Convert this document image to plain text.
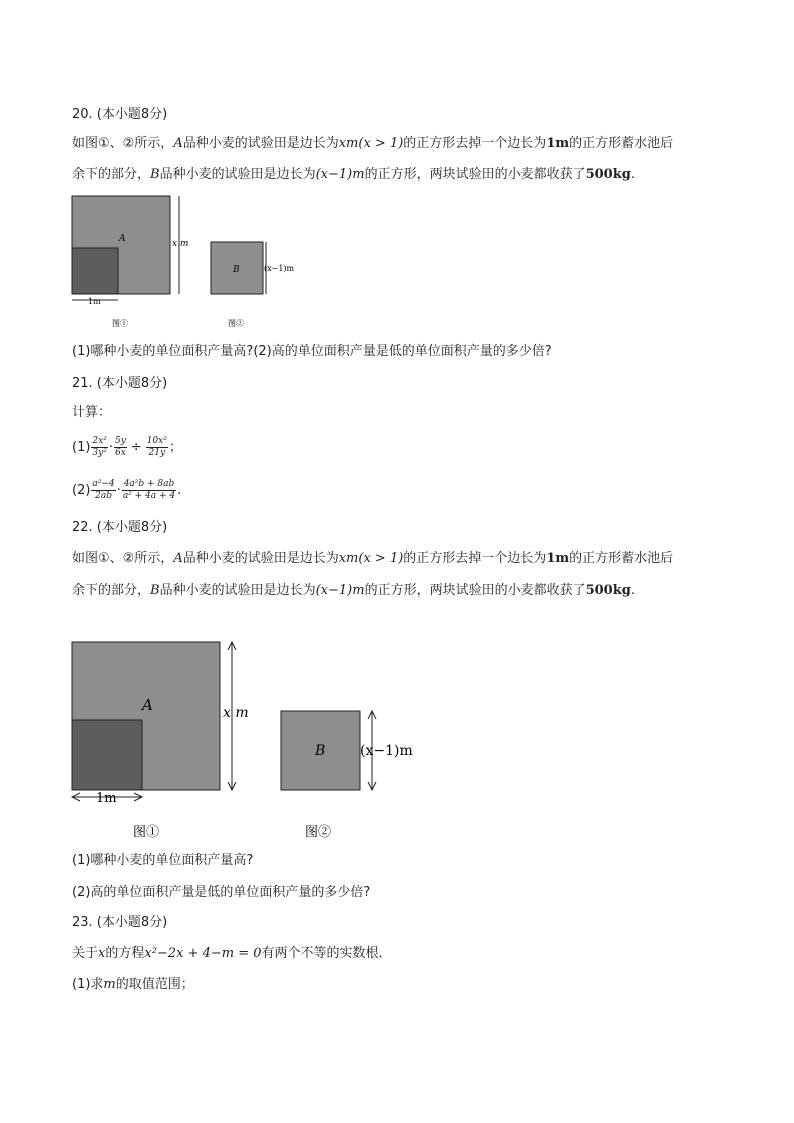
20. (本小题8分)
如图①、②所示，A品种小麦的试验田是边长为xm(x > 1)的正方形去掉一个边长为1m的正方形蓄水池后
余下的部分，B品种小麦的试验田是边长为(x−1)m的正方形，两块试验田的小麦都收获了500kg.
A	x m
1m
B	(x−1)m
图①	图②
(1)哪种小麦的单位面积产量高?(2)高的单位面积产量是低的单位面积产量的多少倍?
21. (本小题8分)
计算：
$(1) \frac{\text{2x²}}{\text{3y²}} \cdot \frac{5y}{6x} \div \frac{\text{10x²}}{21y}$ ；
$(2) \frac{\text{a²−4}}{2ab} \cdot \frac{\text{4a²b + 8ab}}{\text{a² + 4a + 4}}$ .
22. (本小题8分)
如图①、②所示，A品种小麦的试验田是边长为xm(x > 1)的正方形去掉一个边长为1m的正方形蓄水池后
余下的部分，B品种小麦的试验田是边长为(x−1)m的正方形，两块试验田的小麦都收获了500kg.
A	x m
1m
B (x−1)m
图①	图②
(1)哪种小麦的单位面积产量高?
(2)高的单位面积产量是低的单位面积产量的多少倍?
23. (本小题8分)
关于x的方程x²−2x + 4−m = 0有两个不等的实数根．
(1)求m的取值范围；
